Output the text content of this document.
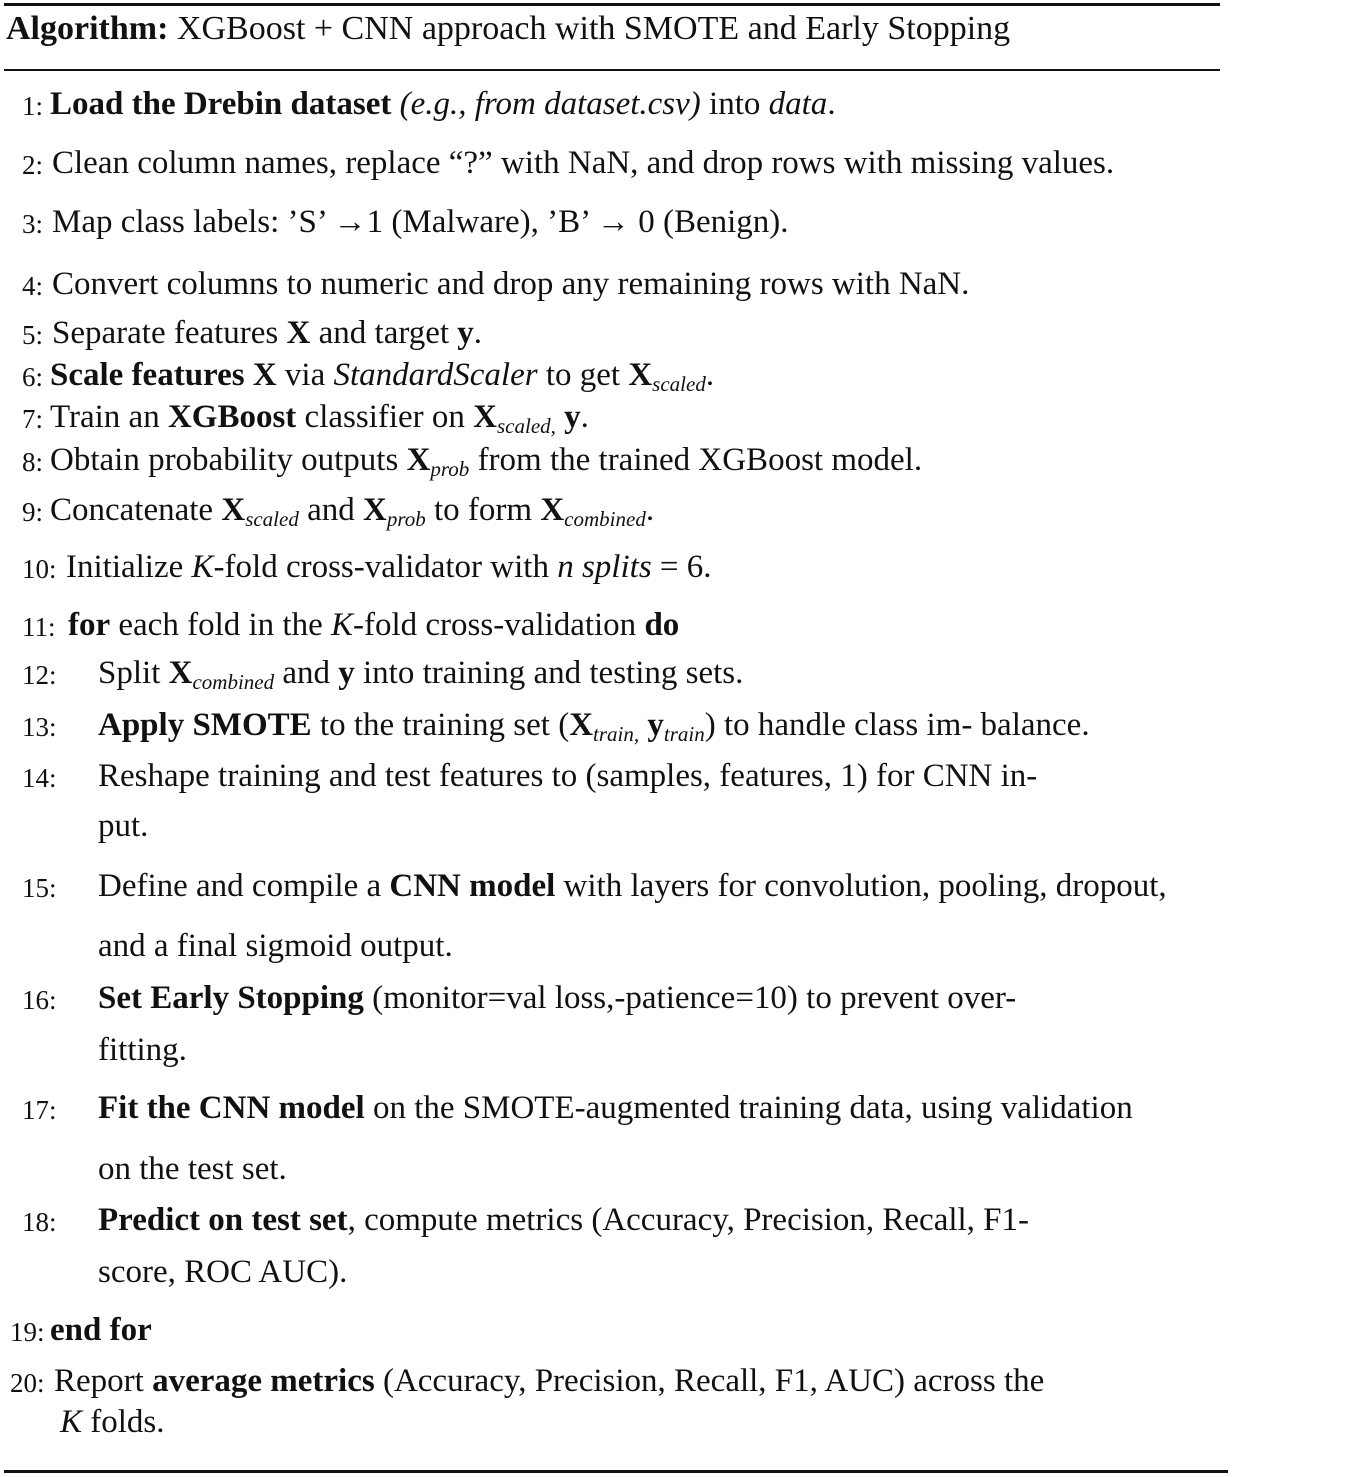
Algorithm: XGBoost + CNN approach with SMOTE and Early Stopping
1: Load the Drebin dataset (e.g., from dataset.csv) into data.
2: Clean column names, replace “?” with NaN, and drop rows with missing values.
3: Map class labels: ’S’ →1 (Malware), ’B’ → 0 (Benign).
4: Convert columns to numeric and drop any remaining rows with NaN.
5: Separate features X and target y.
6: Scale features X via StandardScaler to get $X_{scaled}$.
7: Train an XGBoost classifier on $X_{scaled,}$ y.
8: Obtain probability outputs $X_{prob}$ from the trained XGBoost model.
9: Concatenate $X_{scaled}$ and $X_{prob}$ to form $X_{combined}$.
10: Initialize K-fold cross-validator with n splits = 6.
11: for each fold in the K-fold cross-validation do
12: Split $X_{combined}$ and y into training and testing sets.
13: Apply SMOTE to the training set ($X_{train,}$ $y_{train}$) to handle class im- balance.
14: Reshape training and test features to (samples, features, 1) for CNN in-
put.
15: Define and compile a CNN model with layers for convolution, pooling, dropout,
and a final sigmoid output.
16: Set Early Stopping (monitor=val loss,-patience=10) to prevent over-
fitting.
17: Fit the CNN model on the SMOTE-augmented training data, using validation
on the test set.
18: Predict on test set, compute metrics (Accuracy, Precision, Recall, F1-
score, ROC AUC).
19: end for
20: Report average metrics (Accuracy, Precision, Recall, F1, AUC) across the
K folds.
